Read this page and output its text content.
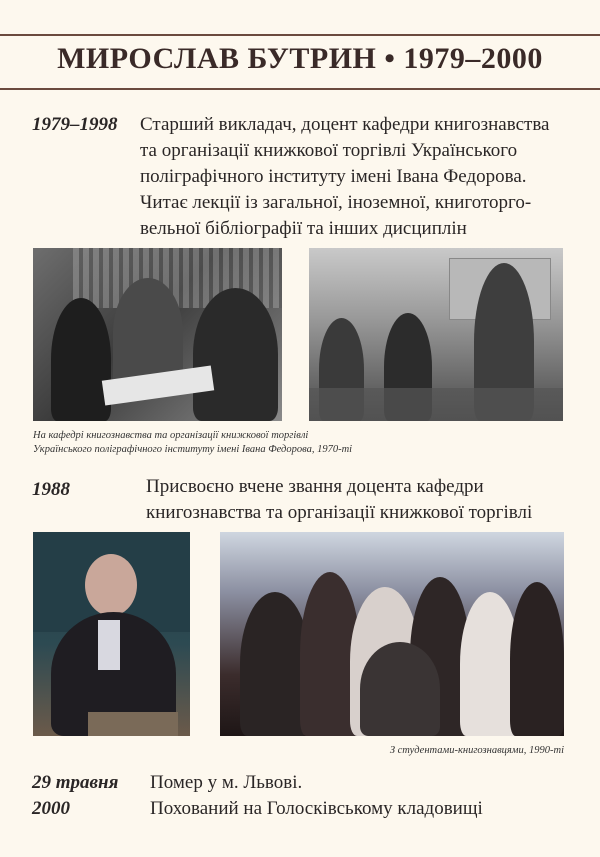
МИРОСЛАВ БУТРИН • 1979–2000
1979–1998 Старший викладач, доцент кафедри книгознавства
та організації книжкової торгівлі Українського
поліграфічного інституту імені Івана Федорова.
Читає лекції із загальної, іноземної, книготорго-
вельної бібліографії та інших дисциплін
На кафедрі книгознавства та організації книжкової торгівлі
Українського поліграфічного інституту імені Івана Федорова, 1970-ті
1988	Присвоєно вчене звання доцента кафедри
книгознавства та організації книжкової торгівлі
З студентами-книгознавцями, 1990-ті
29 травня
2000
Помер у м. Львові.
Похований на Голосківському кладовищі
